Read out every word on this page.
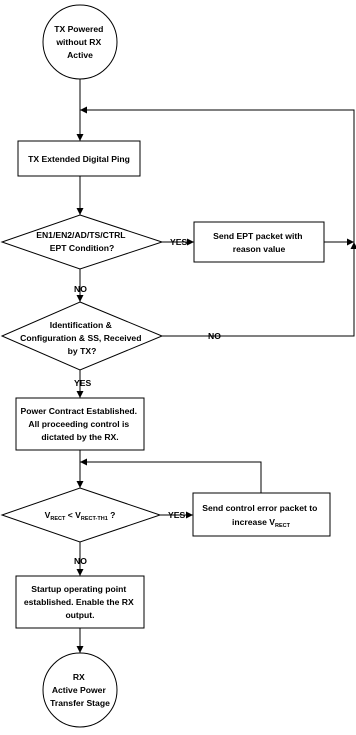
TX Powered without RX Active
TX Extended Digital Ping
EN1/EN2/AD/TS/CTRL EPT Condition?
Send EPT packet with reason value
Identification & Configuration & SS, Received by TX?
Power Contract Established. All proceeding control is dictated by the RX.
$V_{RECT} < V_{RECT-TH1}$ ?
Send control error packet to increase $V_{RECT}$
Startup operating point established. Enable the RX output.
RX Active Power Transfer Stage
YES
NO
NO
YES
YES
NO
